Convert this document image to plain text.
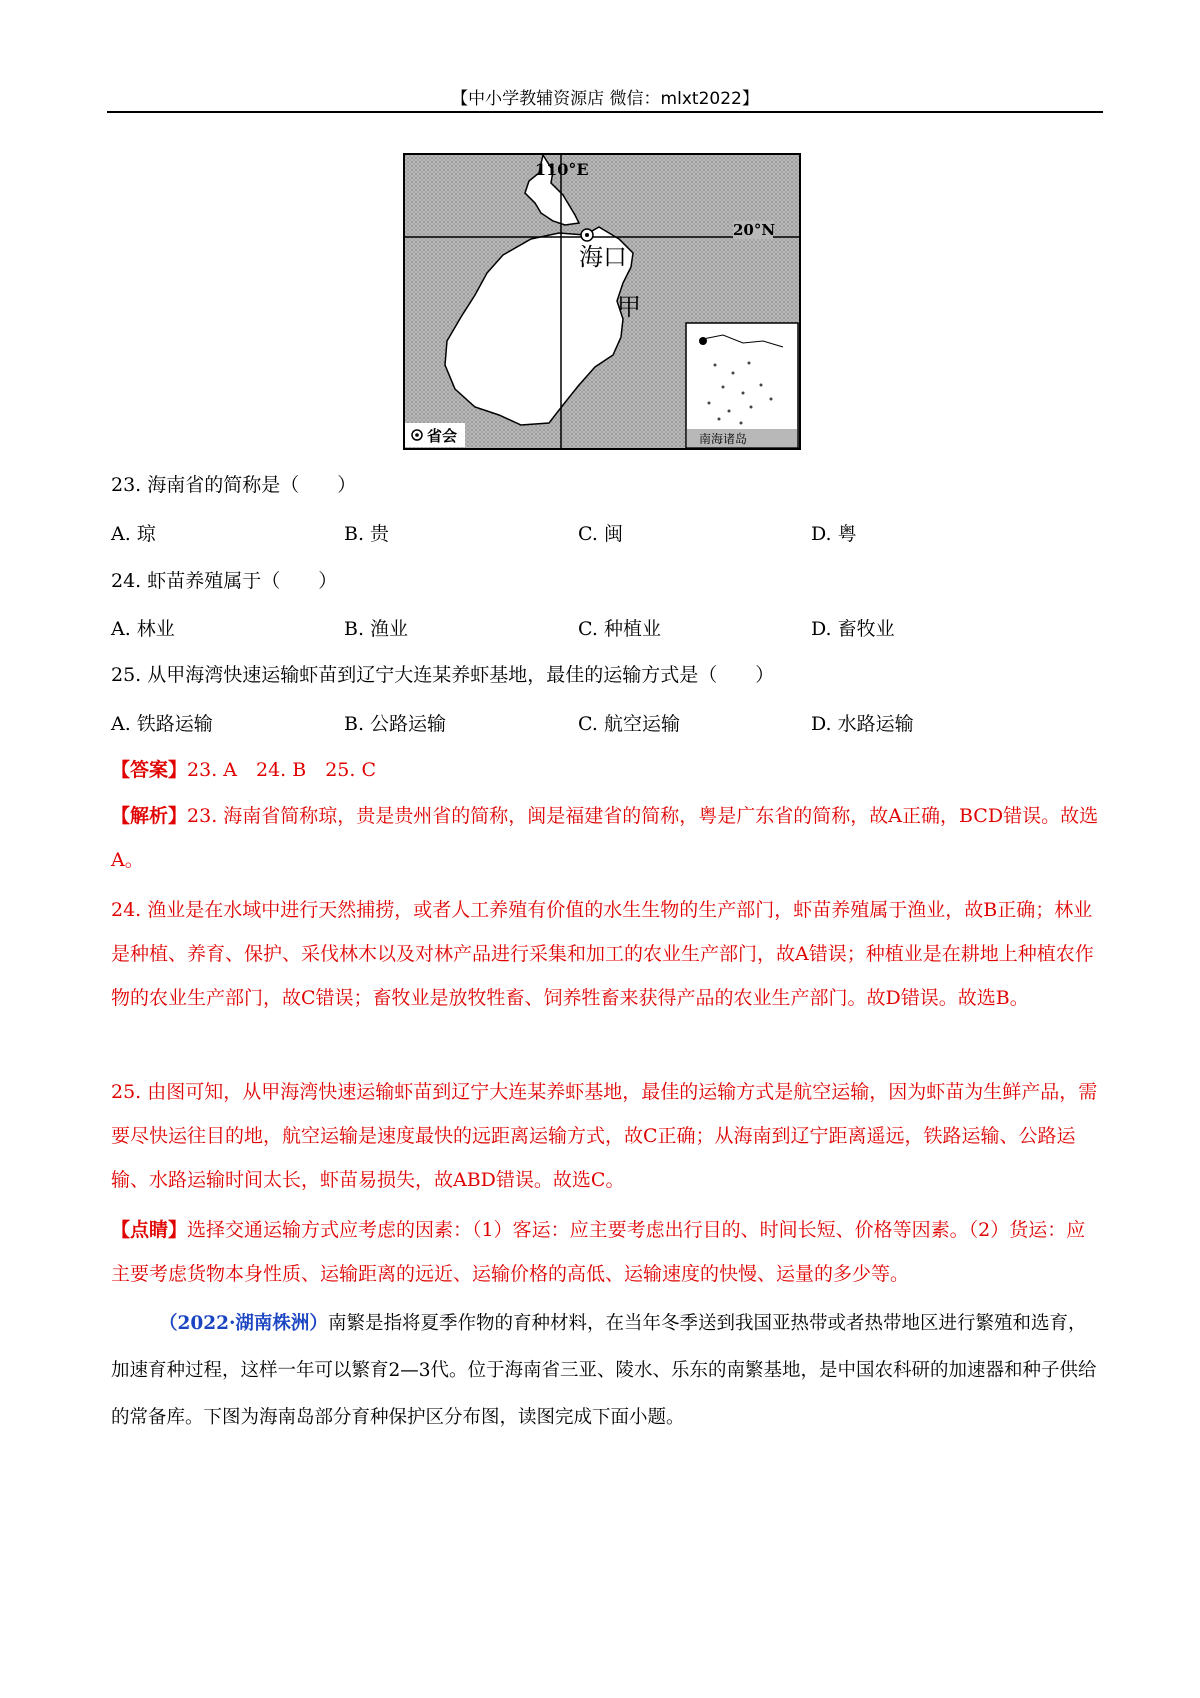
【中小学教辅资源店 微信：mlxt2022】
110°E
20°N
海口
甲
省会	南海诸岛
23. 海南省的简称是（　　）
A. 琼	B. 贵	C. 闽	D. 粤
24. 虾苗养殖属于（　　）
A. 林业	B. 渔业	C. 种植业	D. 畜牧业
25. 从甲海湾快速运输虾苗到辽宁大连某养虾基地，最佳的运输方式是（　　）
A. 铁路运输	B. 公路运输	C. 航空运输	D. 水路运输
【答案】23. A　24. B　25. C
【解析】23. 海南省简称琼，贵是贵州省的简称，闽是福建省的简称，粤是广东省的简称，故A正确，BCD错误。故选A。
24. 渔业是在水域中进行天然捕捞，或者人工养殖有价值的水生生物的生产部门，虾苗养殖属于渔业，故B正确；林业是种植、养育、保护、采伐林木以及对林产品进行采集和加工的农业生产部门，故A错误；种植业是在耕地上种植农作物的农业生产部门，故C错误；畜牧业是放牧牲畜、饲养牲畜来获得产品的农业生产部门。故D错误。故选B。
25. 由图可知，从甲海湾快速运输虾苗到辽宁大连某养虾基地，最佳的运输方式是航空运输，因为虾苗为生鲜产品，需要尽快运往目的地，航空运输是速度最快的远距离运输方式，故C正确；从海南到辽宁距离遥远，铁路运输、公路运输、水路运输时间太长，虾苗易损失，故ABD错误。故选C。
【点睛】选择交通运输方式应考虑的因素：（1）客运：应主要考虑出行目的、时间长短、价格等因素。（2）货运：应主要考虑货物本身性质、运输距离的远近、运输价格的高低、运输速度的快慢、运量的多少等。
（2022·湖南株洲）南繁是指将夏季作物的育种材料，在当年冬季送到我国亚热带或者热带地区进行繁殖和选育，加速育种过程，这样一年可以繁育2—3代。位于海南省三亚、陵水、乐东的南繁基地，是中国农科研的加速器和种子供给的常备库。下图为海南岛部分育种保护区分布图，读图完成下面小题。
